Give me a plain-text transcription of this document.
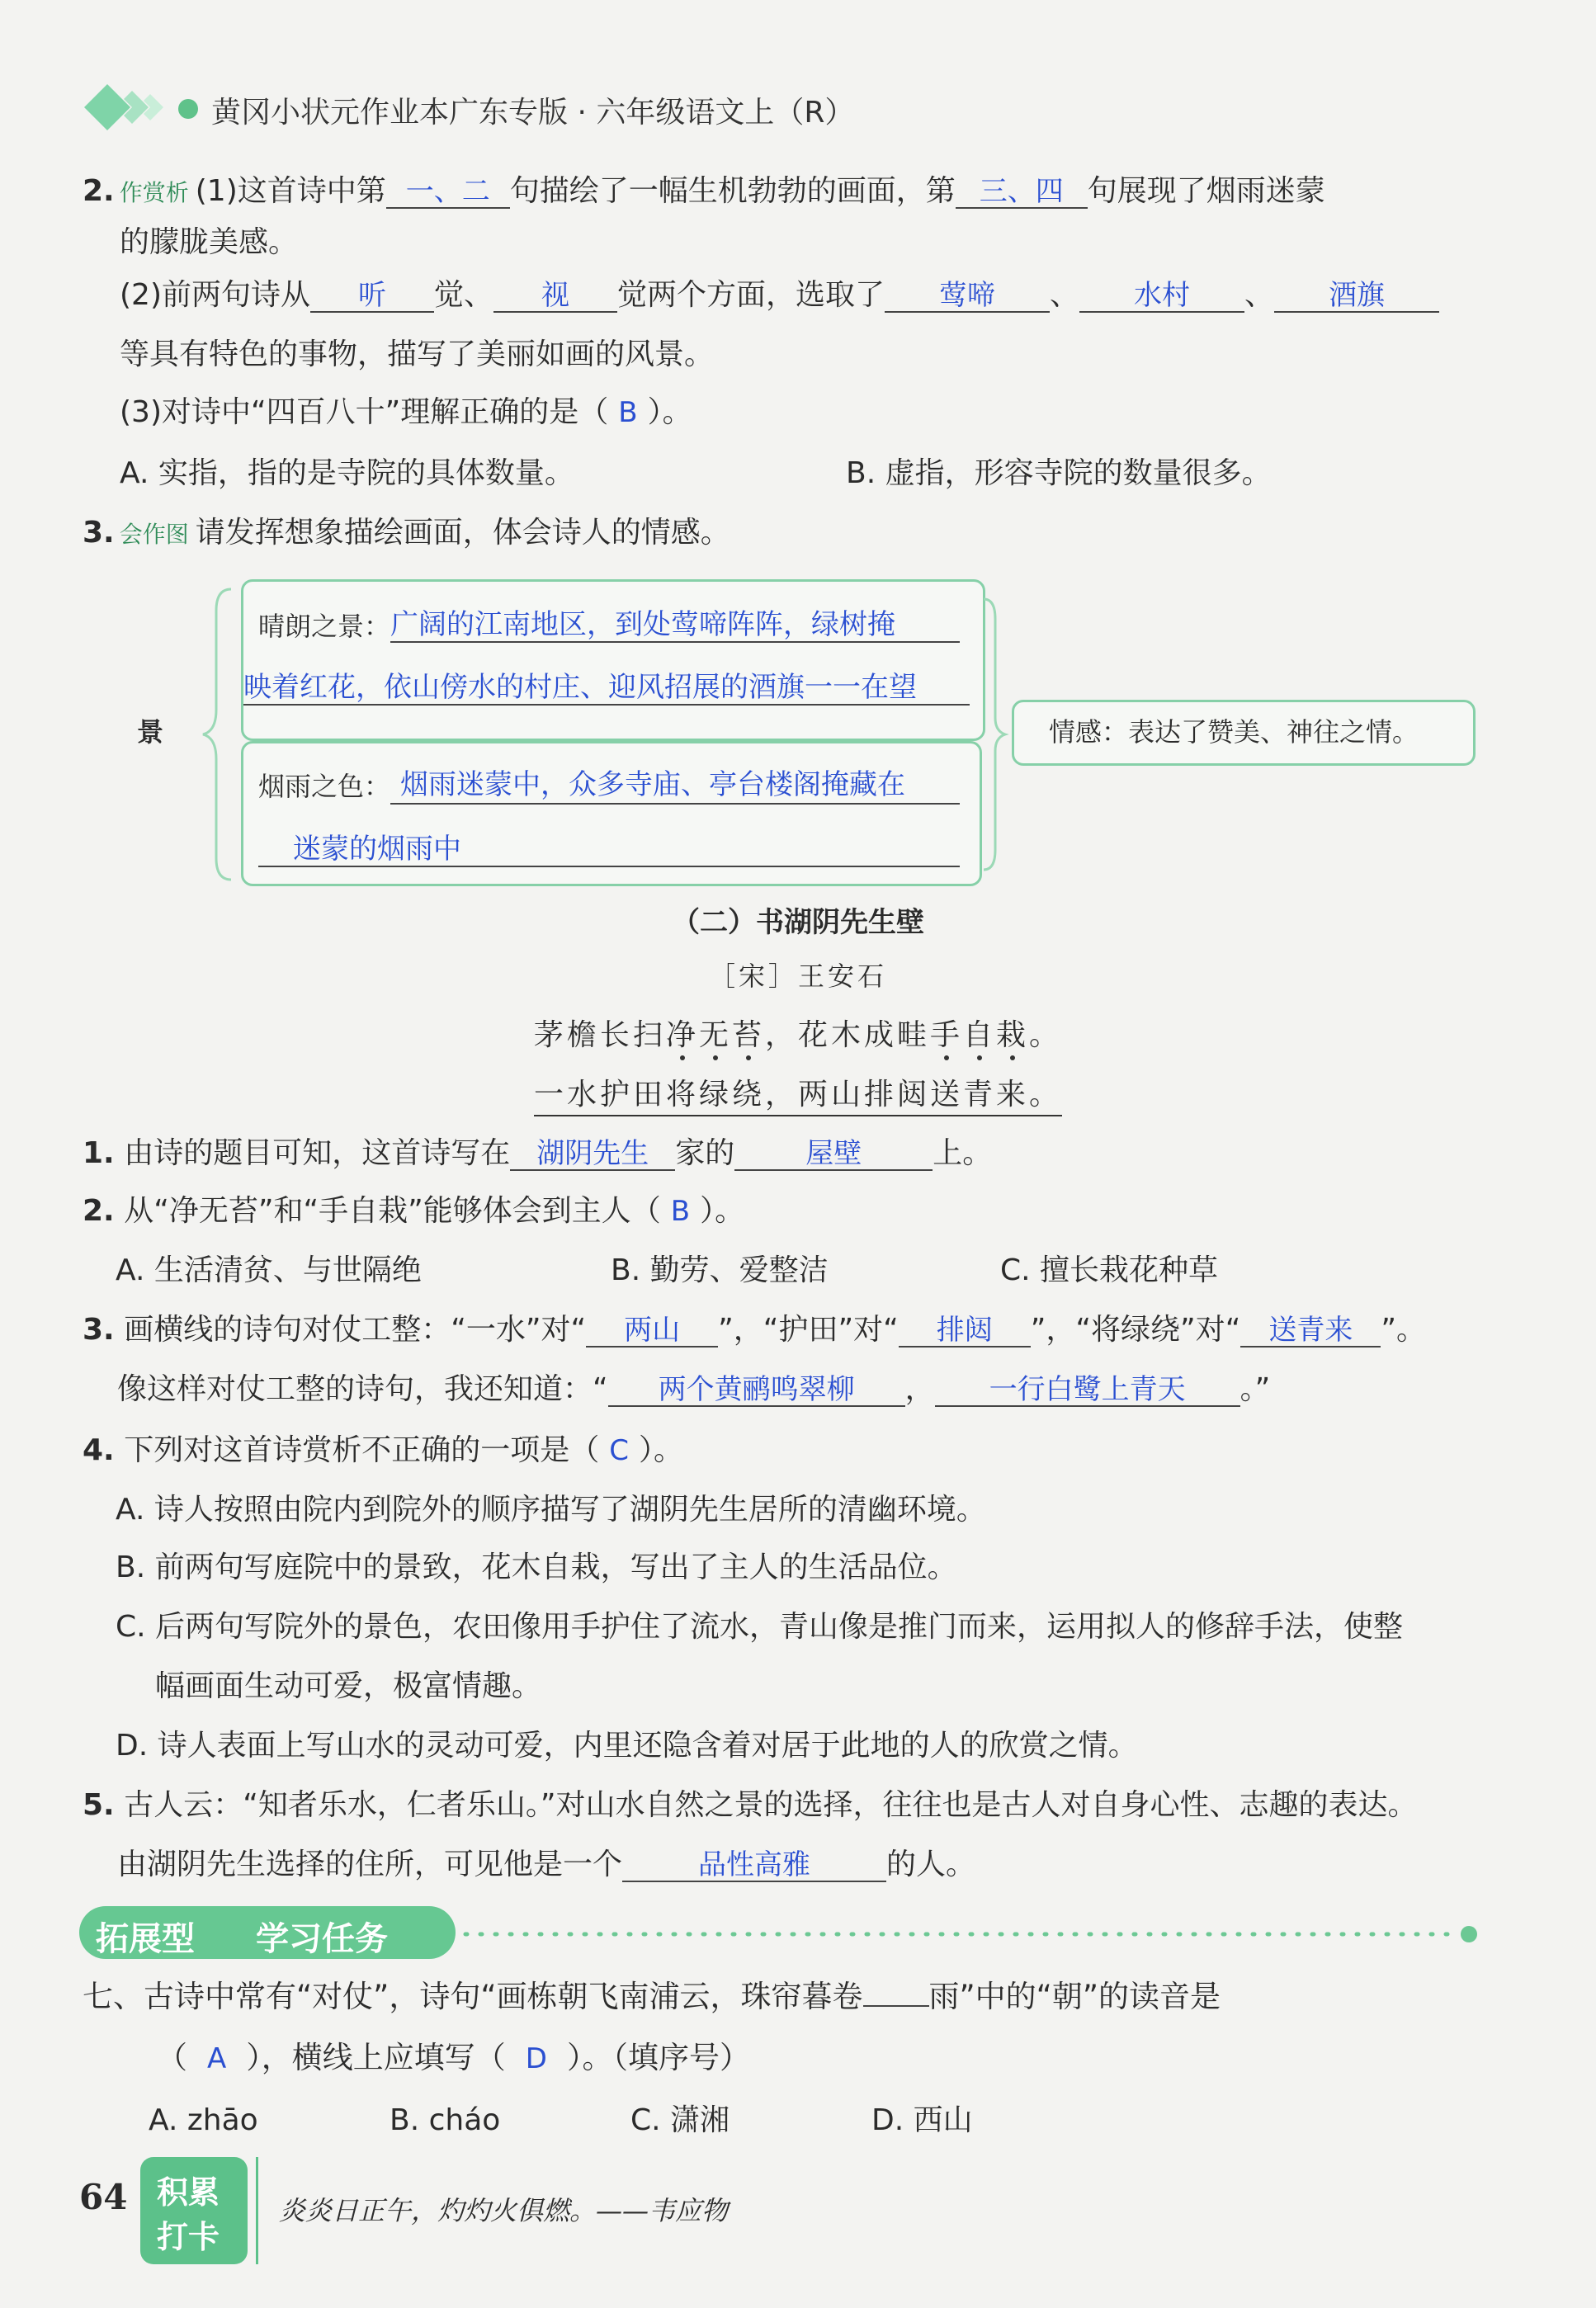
黄冈小状元作业本广东专版 · 六年级语文上（R）
2. 作赏析 (1)这首诗中第 一、二 句描绘了一幅生机勃勃的画面，第 三、四 句展现了烟雨迷蒙
的朦胧美感。
(2)前两句诗从 听 觉、 视 觉两个方面，选取了 莺啼 、 水村 、 酒旗
等具有特色的事物，描写了美丽如画的风景。
(3)对诗中“四百八十”理解正确的是（ B ）。
A. 实指，指的是寺院的具体数量。	B. 虚指，形容寺院的数量很多。
3. 会作图 请发挥想象描绘画面，体会诗人的情感。
景
晴朗之景： 广阔的江南地区，到处莺啼阵阵，绿树掩
映着红花，依山傍水的村庄、迎风招展的酒旗一一在望
烟雨之色： 烟雨迷蒙中，众多寺庙、亭台楼阁掩藏在
迷蒙的烟雨中
情感：表达了赞美、神往之情。
（二）书湖阴先生壁
［宋］王安石
茅檐长扫净无苔，花木成畦手自栽。
一水护田将绿绕，两山排闼送青来。
1. 由诗的题目可知，这首诗写在 湖阴先生 家的	屋壁 上。
2. 从“净无苔”和“手自栽”能够体会到主人（ B ）。
A. 生活清贫、与世隔绝	B. 勤劳、爱整洁	C. 擅长栽花种草
3. 画横线的诗句对仗工整：“一水”对“ 两山 ”，“护田”对“ 排闼 ”，“将绿绕”对“ 送青来 ”。
像这样对仗工整的诗句，我还知道：“ 两个黄鹂鸣翠柳 ， 一行白鹭上青天 。”
4. 下列对这首诗赏析不正确的一项是（ C ）。
A. 诗人按照由院内到院外的顺序描写了湖阴先生居所的清幽环境。
B. 前两句写庭院中的景致，花木自栽，写出了主人的生活品位。
C. 后两句写院外的景色，农田像用手护住了流水，青山像是推门而来，运用拟人的修辞手法，使整
幅画面生动可爱，极富情趣。
D. 诗人表面上写山水的灵动可爱，内里还隐含着对居于此地的人的欣赏之情。
5. 古人云：“知者乐水，仁者乐山。”对山水自然之景的选择，往往也是古人对自身心性、志趣的表达。
由湖阴先生选择的住所，可见他是一个	品性高雅	的人。
拓展型 学习任务
七、古诗中常有“对仗”，诗句“画栋朝飞南浦云，珠帘暮卷 雨”中的“朝”的读音是
（ A ），横线上应填写（ D ）。（填序号）
A. zhāo	B. cháo	C. 潇湘	D. 西山
64 积累
打卡
炎炎日正午，灼灼火俱燃。——韦应物
